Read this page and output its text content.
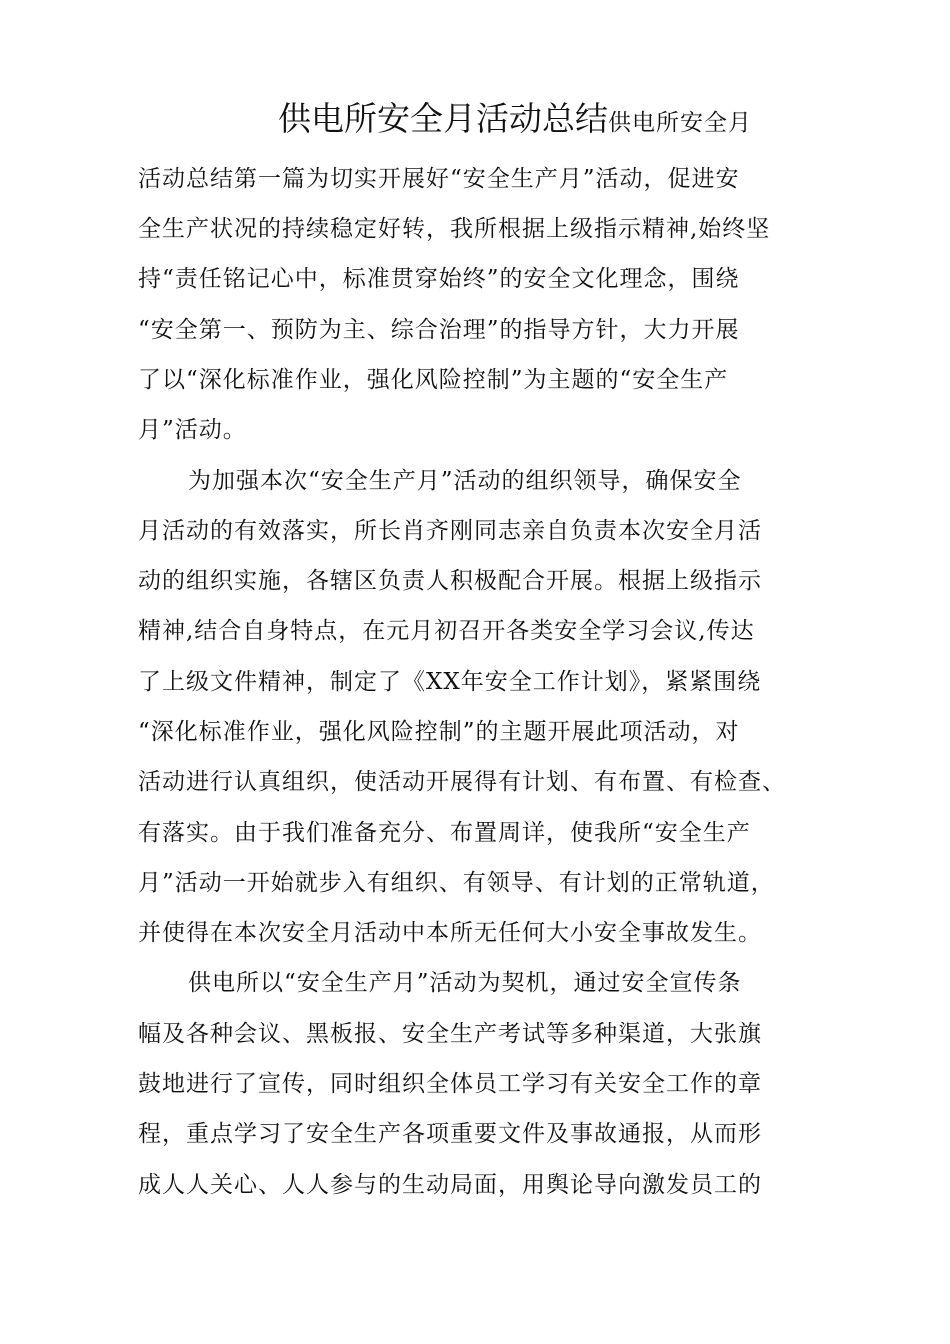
供电所安全月活动总结供电所安全月
活动总结第一篇为切实开展好“安全生产月”活动，促进安
全生产状况的持续稳定好转，我所根据上级指示精神,始终坚
持“责任铭记心中，标准贯穿始终”的安全文化理念，围绕
“安全第一、预防为主、综合治理”的指导方针，大力开展
了以“深化标准作业，强化风险控制”为主题的“安全生产
月”活动。
为加强本次“安全生产月”活动的组织领导，确保安全
月活动的有效落实，所长肖齐刚同志亲自负责本次安全月活
动的组织实施，各辖区负责人积极配合开展。根据上级指示
精神,结合自身特点，在元月初召开各类安全学习会议,传达
了上级文件精神，制定了《XX年安全工作计划》，紧紧围绕
“深化标准作业，强化风险控制”的主题开展此项活动，对
活动进行认真组织，使活动开展得有计划、有布置、有检查、
有落实。由于我们准备充分、布置周详，使我所“安全生产
月”活动一开始就步入有组织、有领导、有计划的正常轨道，
并使得在本次安全月活动中本所无任何大小安全事故发生。
供电所以“安全生产月”活动为契机，通过安全宣传条
幅及各种会议、黑板报、安全生产考试等多种渠道，大张旗
鼓地进行了宣传，同时组织全体员工学习有关安全工作的章
程，重点学习了安全生产各项重要文件及事故通报，从而形
成人人关心、人人参与的生动局面，用舆论导向激发员工的
